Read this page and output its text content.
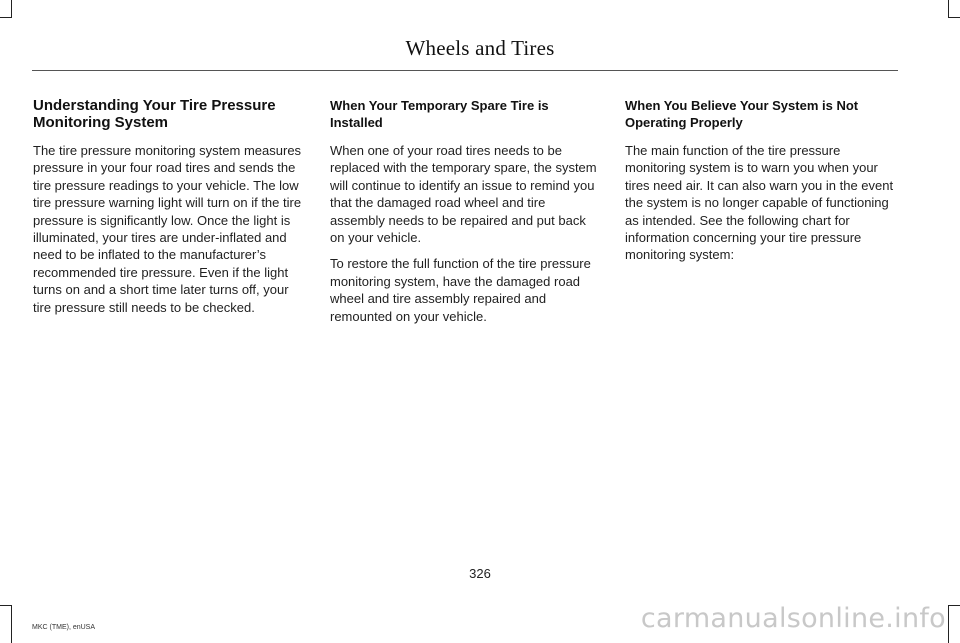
Wheels and Tires
Understanding Your Tire Pressure Monitoring System

The tire pressure monitoring system measures pressure in your four road tires and sends the tire pressure readings to your vehicle. The low tire pressure warning light will turn on if the tire pressure is significantly low. Once the light is illuminated, your tires are under-inflated and need to be inflated to the manufacturer’s recommended tire pressure. Even if the light turns on and a short time later turns off, your tire pressure still needs to be checked.

When Your Temporary Spare Tire is Installed

When one of your road tires needs to be replaced with the temporary spare, the system will continue to identify an issue to remind you that the damaged road wheel and tire assembly needs to be repaired and put back on your vehicle.

To restore the full function of the tire pressure monitoring system, have the damaged road wheel and tire assembly repaired and remounted on your vehicle.

When You Believe Your System is Not Operating Properly

The main function of the tire pressure monitoring system is to warn you when your tires need air. It can also warn you in the event the system is no longer capable of functioning as intended. See the following chart for information concerning your tire pressure monitoring system:

326
MKC (TME), enUSA	carmanualsonline.info
